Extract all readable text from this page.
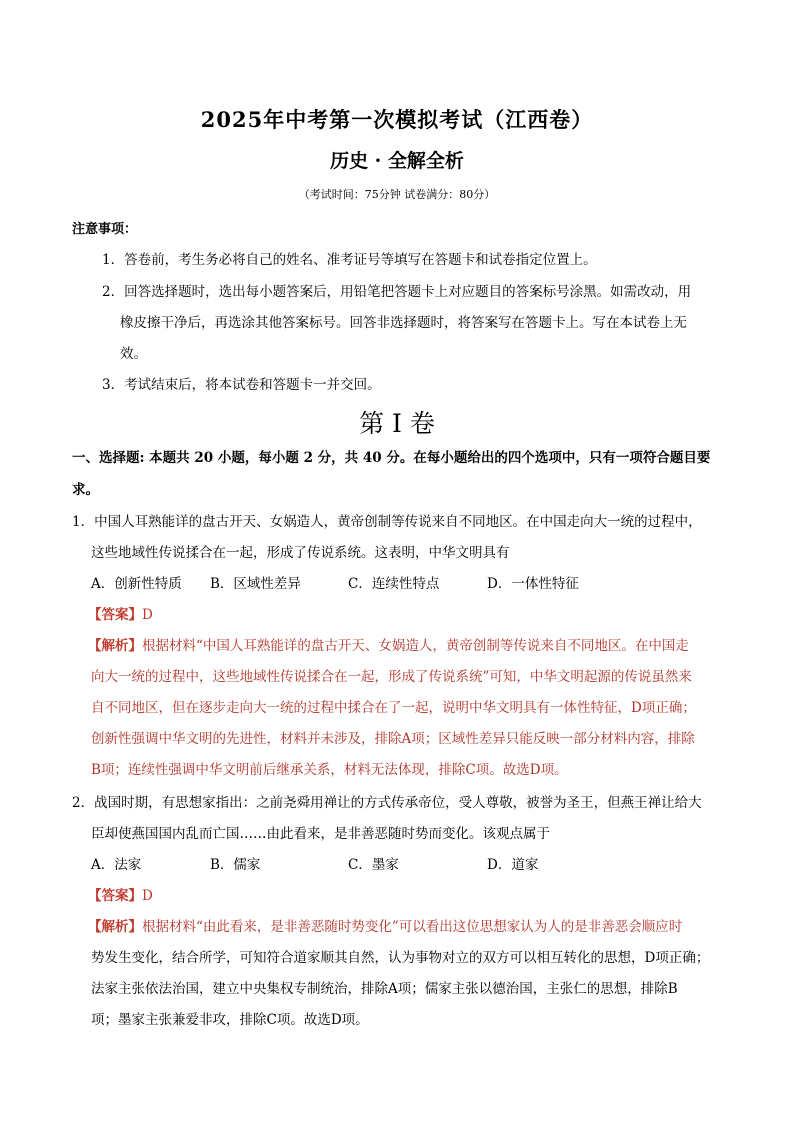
2025年中考第一次模拟考试（江西卷）
历史 · 全解全析
（考试时间：75分钟 试卷满分：80分）
注意事项：
1．答卷前，考生务必将自己的姓名、准考证号等填写在答题卡和试卷指定位置上。
2．回答选择题时，选出每小题答案后，用铅笔把答题卡上对应题目的答案标号涂黑。如需改动，用
橡皮擦干净后，再选涂其他答案标号。回答非选择题时，将答案写在答题卡上。写在本试卷上无
效。
3．考试结束后，将本试卷和答题卡一并交回。
第 I 卷
一、选择题: 本题共 20 小题，每小题 2 分，共 40 分。在每小题给出的四个选项中，只有一项符合题目要
求。
1．中国人耳熟能详的盘古开天、女娲造人，黄帝创制等传说来自不同地区。在中国走向大一统的过程中，
这些地域性传说揉合在一起，形成了传说系统。这表明，中华文明具有
A．创新性特质 B．区域性差异	C．连续性特点	D．一体性特征
【答案】D
【解析】根据材料“中国人耳熟能详的盘古开天、女娲造人，黄帝创制等传说来自不同地区。在中国走
向大一统的过程中，这些地域性传说揉合在一起，形成了传说系统”可知，中华文明起源的传说虽然来
自不同地区，但在逐步走向大一统的过程中揉合在了一起，说明中华文明具有一体性特征，D项正确；
创新性强调中华文明的先进性，材料并未涉及，排除A项；区域性差异只能反映一部分材料内容，排除
B项；连续性强调中华文明前后继承关系，材料无法体现，排除C项。故选D项。
2．战国时期，有思想家指出：之前尧舜用禅让的方式传承帝位，受人尊敬，被誉为圣王，但燕王禅让给大
臣却使燕国国内乱而亡国……由此看来，是非善恶随时势而变化。该观点属于
A．法家	B．儒家	C．墨家	D．道家
【答案】D
【解析】根据材料“由此看来，是非善恶随时势变化”可以看出这位思想家认为人的是非善恶会顺应时
势发生变化，结合所学，可知符合道家顺其自然，认为事物对立的双方可以相互转化的思想，D项正确；
法家主张依法治国，建立中央集权专制统治，排除A项；儒家主张以德治国，主张仁的思想，排除B
项；墨家主张兼爱非攻，排除C项。故选D项。
